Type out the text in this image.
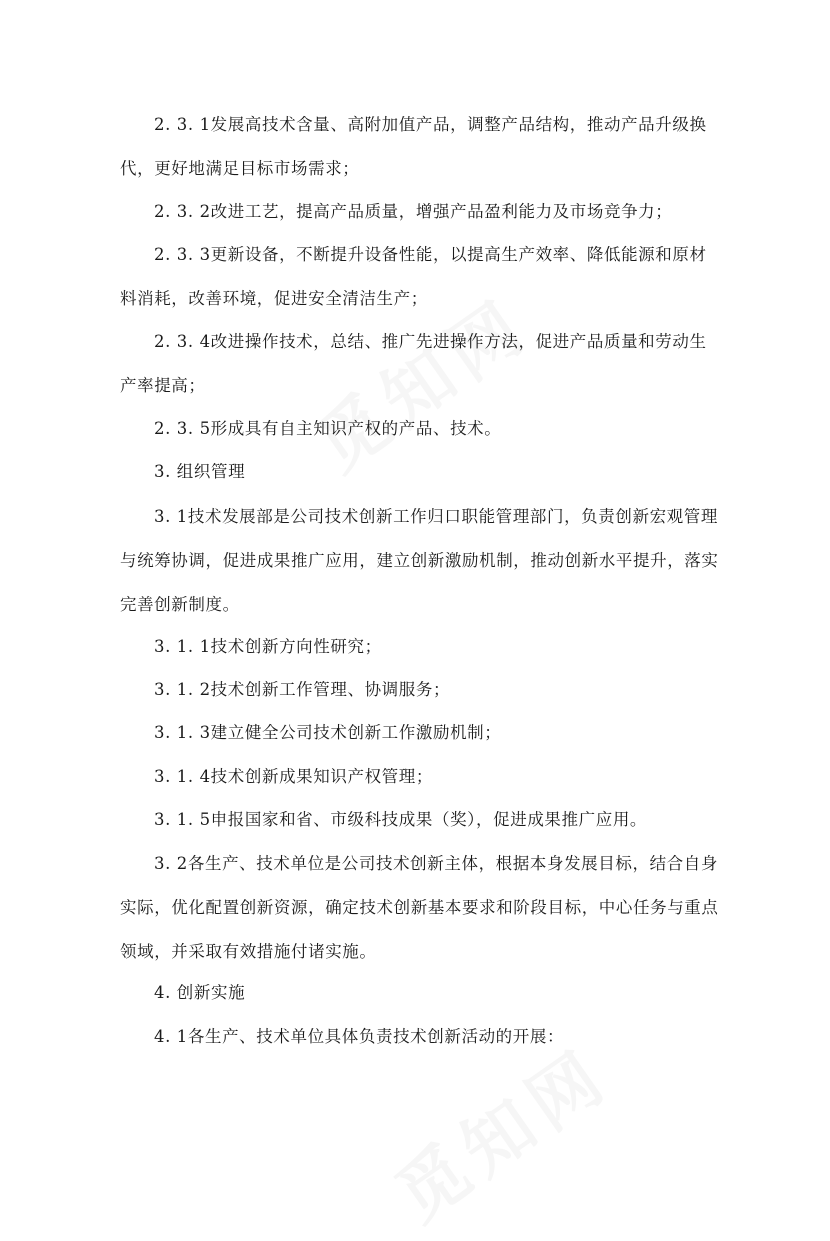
2. 3. 1发展高技术含量、高附加值产品，调整产品结构，推动产品升级换代，更好地满足目标市场需求；

2. 3. 2改进工艺，提高产品质量，增强产品盈利能力及市场竞争力；

2. 3. 3更新设备，不断提升设备性能，以提高生产效率、降低能源和原材料消耗，改善环境，促进安全清洁生产；

2. 3. 4改进操作技术，总结、推广先进操作方法，促进产品质量和劳动生产率提高；

2. 3. 5形成具有自主知识产权的产品、技术。

3. 组织管理

3. 1技术发展部是公司技术创新工作归口职能管理部门，负责创新宏观管理与统筹协调，促进成果推广应用，建立创新激励机制，推动创新水平提升，落实完善创新制度。

3. 1. 1技术创新方向性研究；

3. 1. 2技术创新工作管理、协调服务；

3. 1. 3建立健全公司技术创新工作激励机制；

3. 1. 4技术创新成果知识产权管理；

3. 1. 5申报国家和省、市级科技成果（奖），促进成果推广应用。

3. 2各生产、技术单位是公司技术创新主体，根据本身发展目标，结合自身实际，优化配置创新资源，确定技术创新基本要求和阶段目标，中心任务与重点领域，并采取有效措施付诸实施。

4. 创新实施

4. 1各生产、技术单位具体负责技术创新活动的开展：
